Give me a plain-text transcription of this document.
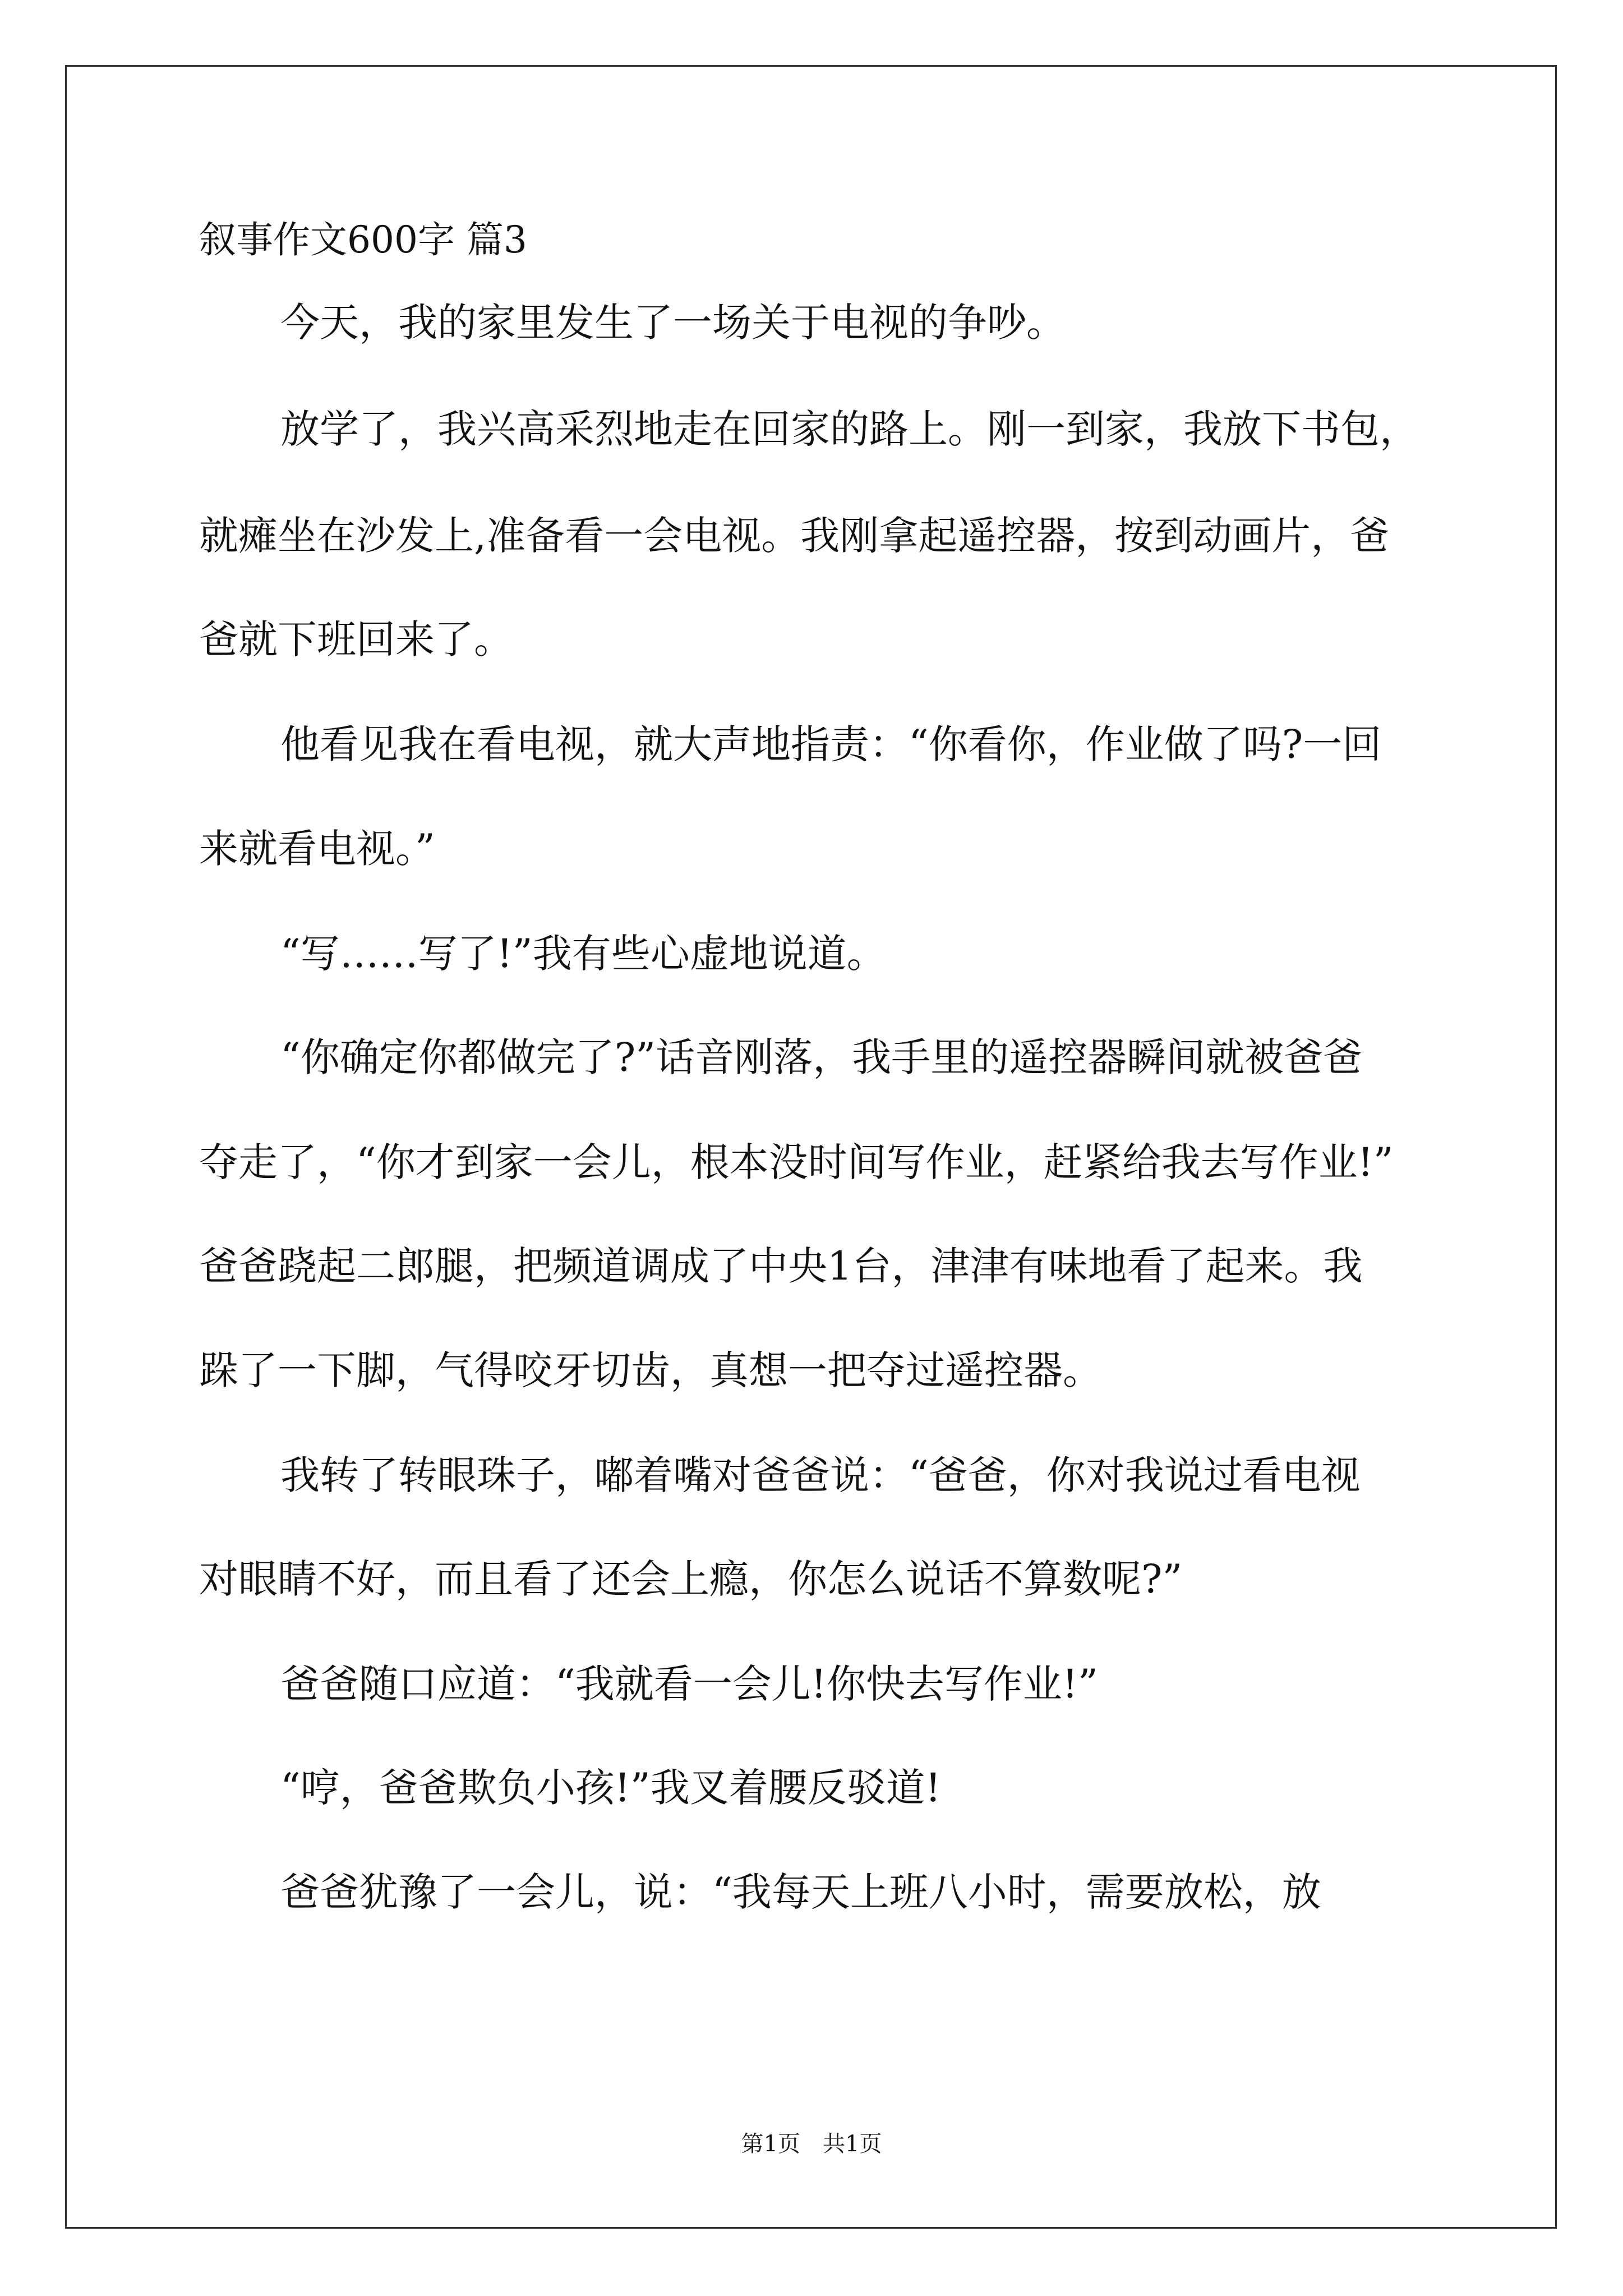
叙事作文600字 篇3
今天，我的家里发生了一场关于电视的争吵。
放学了，我兴高采烈地走在回家的路上。刚一到家，我放下书包，
就瘫坐在沙发上,准备看一会电视。我刚拿起遥控器，按到动画片，爸
爸就下班回来了。
他看见我在看电视，就大声地指责：“你看你，作业做了吗?一回
来就看电视。”
“写……写了!”我有些心虚地说道。
“你确定你都做完了?”话音刚落，我手里的遥控器瞬间就被爸爸
夺走了，“你才到家一会儿，根本没时间写作业，赶紧给我去写作业!”
爸爸跷起二郎腿，把频道调成了中央1台，津津有味地看了起来。我
跺了一下脚，气得咬牙切齿，真想一把夺过遥控器。
我转了转眼珠子，嘟着嘴对爸爸说：“爸爸，你对我说过看电视
对眼睛不好，而且看了还会上瘾，你怎么说话不算数呢?”
爸爸随口应道：“我就看一会儿!你快去写作业!”
“哼，爸爸欺负小孩!”我叉着腰反驳道!
爸爸犹豫了一会儿，说：“我每天上班八小时，需要放松，放
第1页　共1页
